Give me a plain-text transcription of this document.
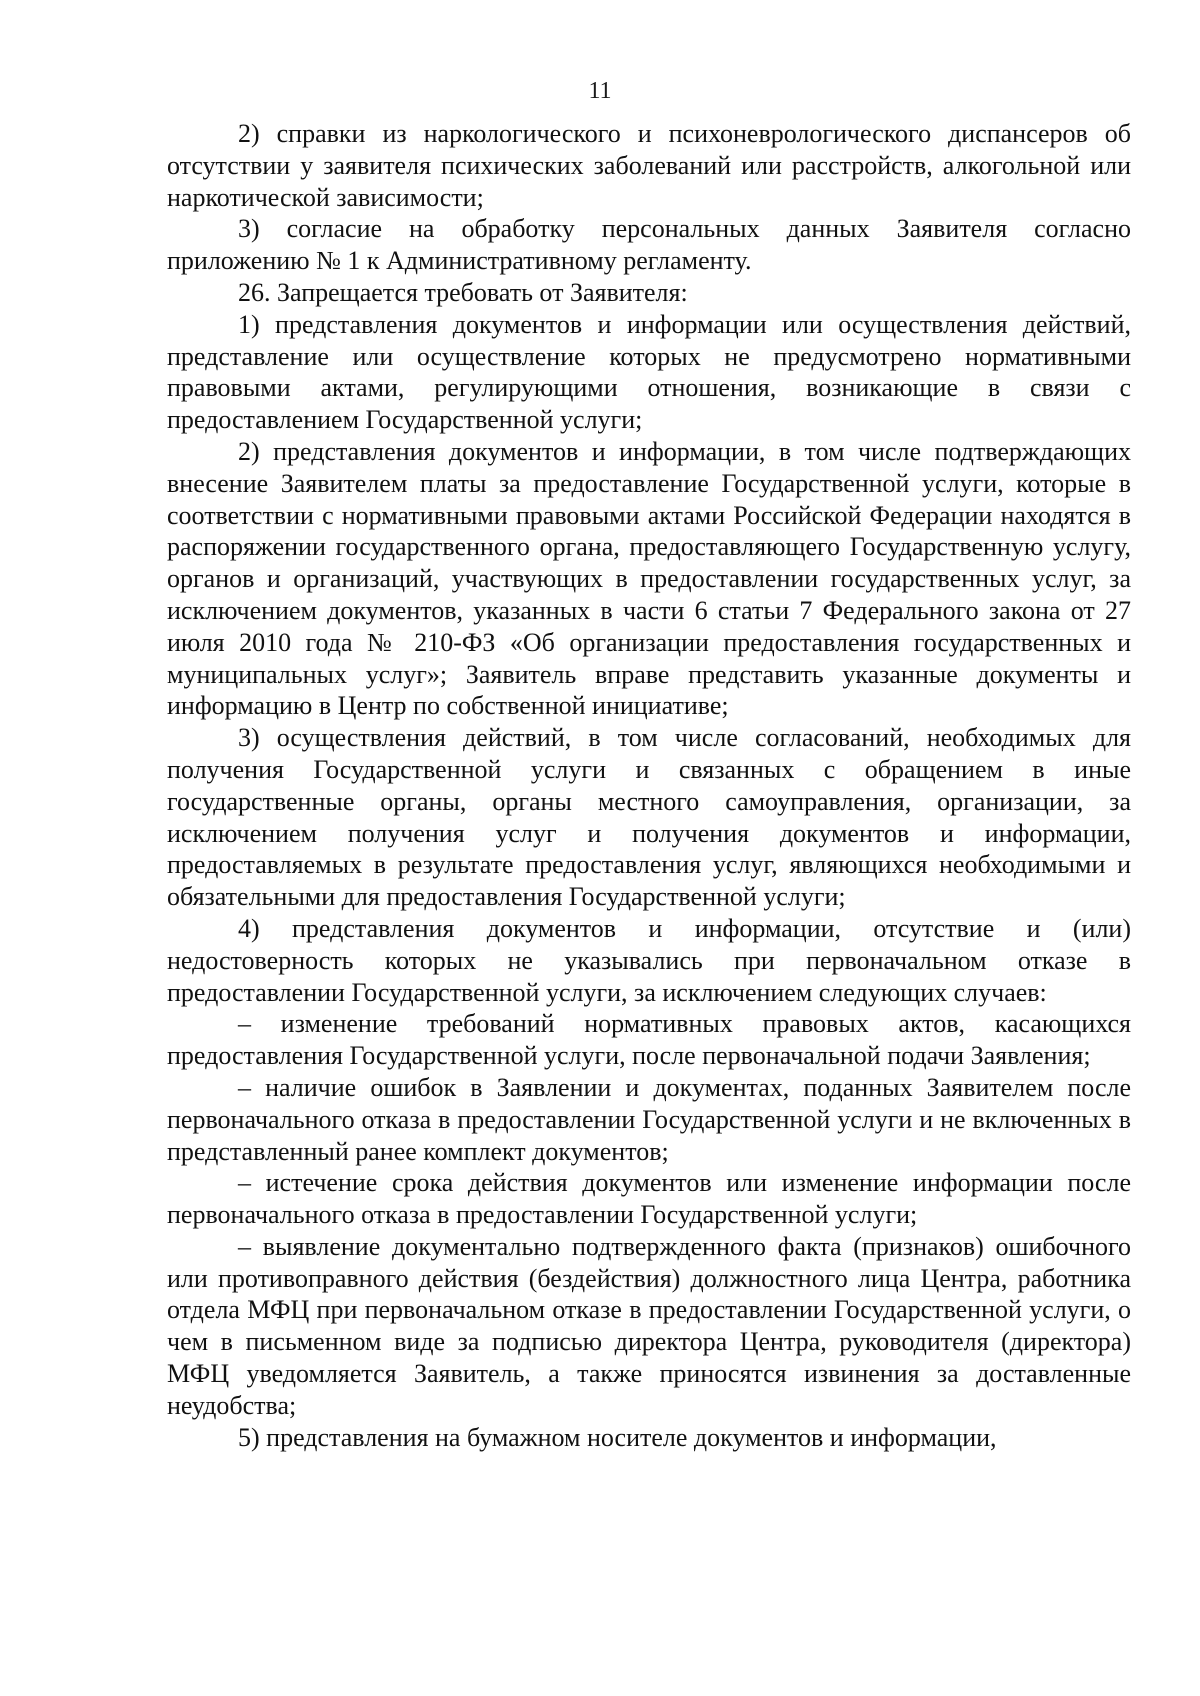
11

2) справки из наркологического и психоневрологического диспансеров об отсутствии у заявителя психических заболеваний или расстройств, алкогольной или наркотической зависимости;

3) согласие на обработку персональных данных Заявителя согласно приложению № 1 к Административному регламенту.

26. Запрещается требовать от Заявителя:

1) представления документов и информации или осуществления действий, представление или осуществление которых не предусмотрено нормативными правовыми актами, регулирующими отношения, возникающие в связи с предоставлением Государственной услуги;

2) представления документов и информации, в том числе подтверждающих внесение Заявителем платы за предоставление Государственной услуги, которые в соответствии с нормативными правовыми актами Российской Федерации находятся в распоряжении государственного органа, предоставляющего Государственную услугу, органов и организаций, участвующих в предоставлении государственных услуг, за исключением документов, указанных в части 6 статьи 7 Федерального закона от 27 июля 2010 года № 210-ФЗ «Об организации предоставления государственных и муниципальных услуг»; Заявитель вправе представить указанные документы и информацию в Центр по собственной инициативе;

3) осуществления действий, в том числе согласований, необходимых для получения Государственной услуги и связанных с обращением в иные государственные органы, органы местного самоуправления, организации, за исключением получения услуг и получения документов и информации, предоставляемых в результате предоставления услуг, являющихся необходимыми и обязательными для предоставления Государственной услуги;

4) представления документов и информации, отсутствие и (или) недостоверность которых не указывались при первоначальном отказе в предоставлении Государственной услуги, за исключением следующих случаев:

– изменение требований нормативных правовых актов, касающихся предоставления Государственной услуги, после первоначальной подачи Заявления;

– наличие ошибок в Заявлении и документах, поданных Заявителем после первоначального отказа в предоставлении Государственной услуги и не включенных в представленный ранее комплект документов;

– истечение срока действия документов или изменение информации после первоначального отказа в предоставлении Государственной услуги;

– выявление документально подтвержденного факта (признаков) ошибочного или противоправного действия (бездействия) должностного лица Центра, работника отдела МФЦ при первоначальном отказе в предоставлении Государственной услуги, о чем в письменном виде за подписью директора Центра, руководителя (директора) МФЦ уведомляется Заявитель, а также приносятся извинения за доставленные неудобства;

5) представления на бумажном носителе документов и информации,
